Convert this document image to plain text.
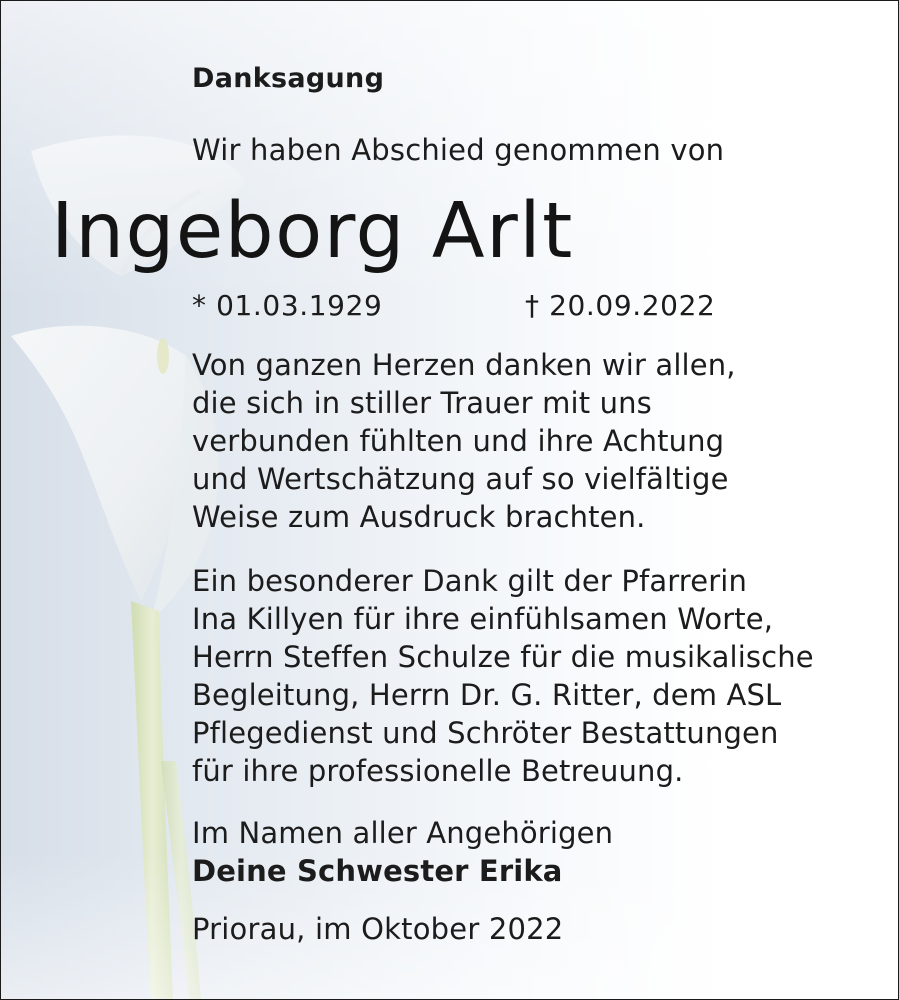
Danksagung

Wir haben Abschied genommen von

Ingeborg Arlt

* 01.03.1929	† 20.09.2022

Von ganzen Herzen danken wir allen,
die sich in stiller Trauer mit uns
verbunden fühlten und ihre Achtung
und Wertschätzung auf so vielfältige
Weise zum Ausdruck brachten.
Ein besonderer Dank gilt der Pfarrerin
Ina Killyen für ihre einfühlsamen Worte,
Herrn Steffen Schulze für die musikalische
Begleitung, Herrn Dr. G. Ritter, dem ASL
Pflegedienst und Schröter Bestattungen
für ihre professionelle Betreuung.
Im Namen aller Angehörigen
Deine Schwester Erika

Priorau, im Oktober 2022
